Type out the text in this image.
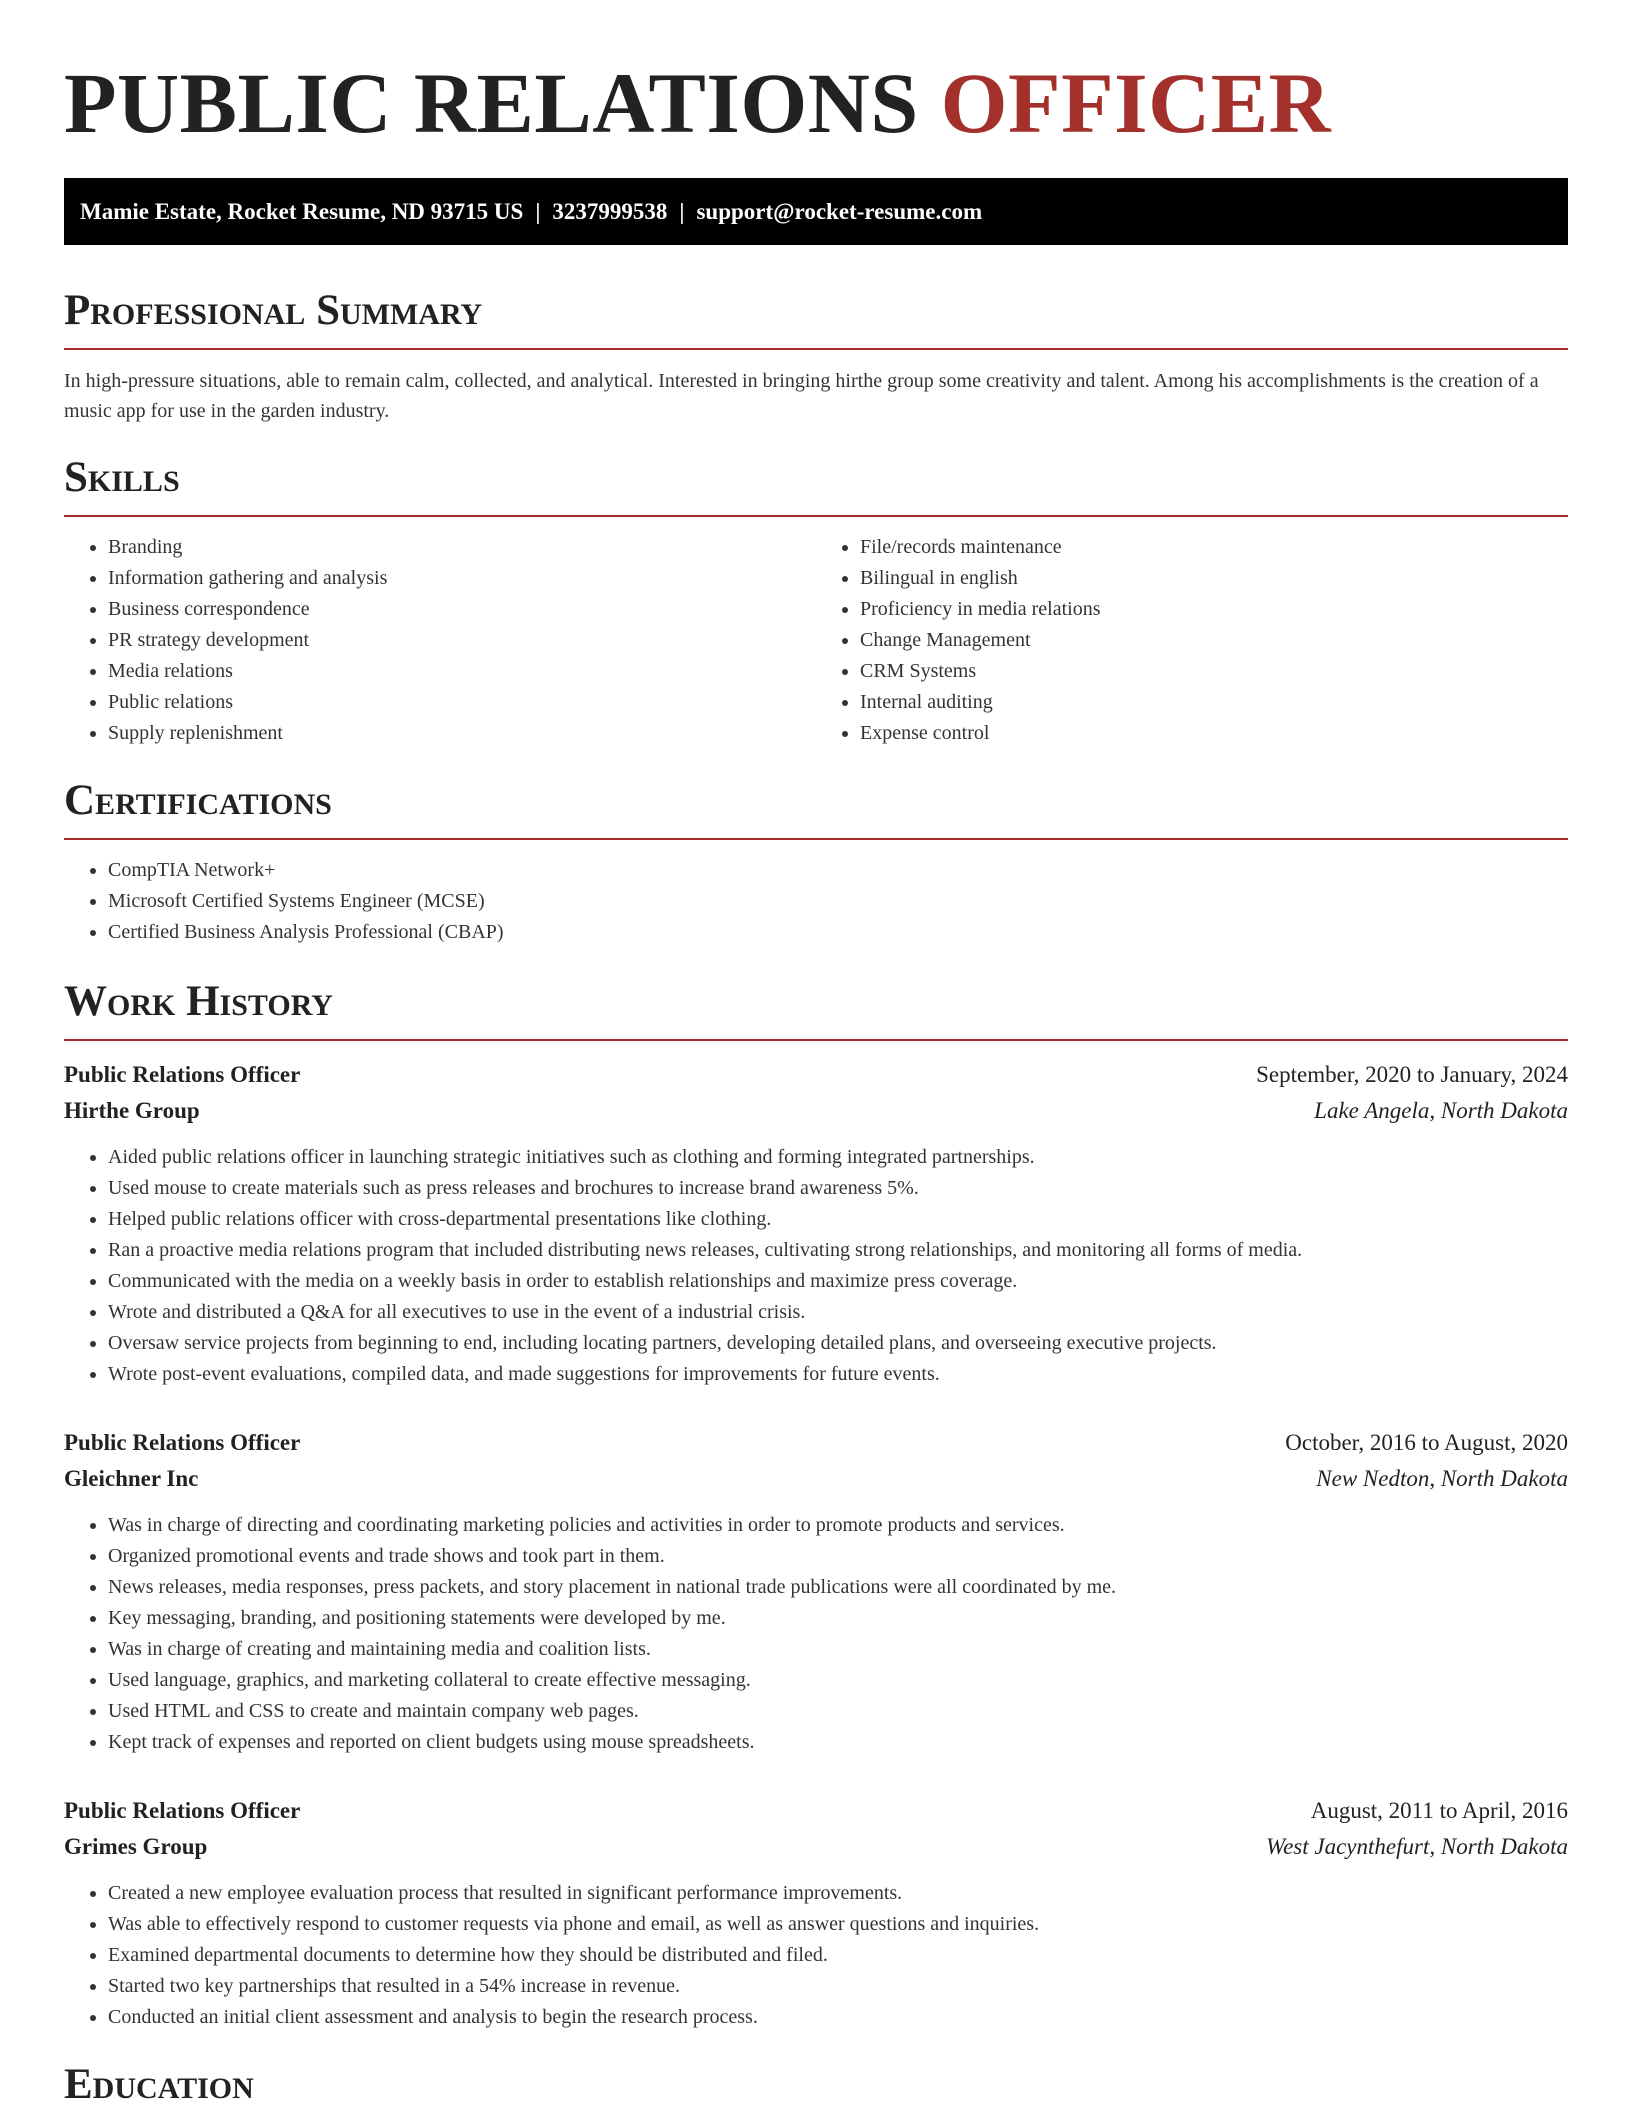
PUBLIC RELATIONS OFFICER
Mamie Estate, Rocket Resume, ND 93715 US | 3237999538 | support@rocket-resume.com
Professional Summary

In high-pressure situations, able to remain calm, collected, and analytical. Interested in bringing hirthe group some creativity and talent. Among his accomplishments is the creation of a music app for use in the garden industry.

Skills
• Branding
• Information gathering and analysis
• Business correspondence
• PR strategy development
• Media relations
• Public relations
• Supply replenishment
• File/records maintenance
• Bilingual in english
• Proficiency in media relations
• Change Management
• CRM Systems
• Internal auditing
• Expense control
Certifications
• CompTIA Network+
• Microsoft Certified Systems Engineer (MCSE)
• Certified Business Analysis Professional (CBAP)
Work History
Public Relations Officer	September, 2020 to January, 2024
Hirthe Group	Lake Angela, North Dakota
• Aided public relations officer in launching strategic initiatives such as clothing and forming integrated partnerships.
• Used mouse to create materials such as press releases and brochures to increase brand awareness 5%.
• Helped public relations officer with cross-departmental presentations like clothing.
• Ran a proactive media relations program that included distributing news releases, cultivating strong relationships, and monitoring all forms of media.
• Communicated with the media on a weekly basis in order to establish relationships and maximize press coverage.
• Wrote and distributed a Q&A for all executives to use in the event of a industrial crisis.
• Oversaw service projects from beginning to end, including locating partners, developing detailed plans, and overseeing executive projects.
• Wrote post-event evaluations, compiled data, and made suggestions for improvements for future events.
Public Relations Officer	October, 2016 to August, 2020
Gleichner Inc	New Nedton, North Dakota
• Was in charge of directing and coordinating marketing policies and activities in order to promote products and services.
• Organized promotional events and trade shows and took part in them.
• News releases, media responses, press packets, and story placement in national trade publications were all coordinated by me.
• Key messaging, branding, and positioning statements were developed by me.
• Was in charge of creating and maintaining media and coalition lists.
• Used language, graphics, and marketing collateral to create effective messaging.
• Used HTML and CSS to create and maintain company web pages.
• Kept track of expenses and reported on client budgets using mouse spreadsheets.
Public Relations Officer	August, 2011 to April, 2016
Grimes Group	West Jacynthefurt, North Dakota
• Created a new employee evaluation process that resulted in significant performance improvements.
• Was able to effectively respond to customer requests via phone and email, as well as answer questions and inquiries.
• Examined departmental documents to determine how they should be distributed and filed.
• Started two key partnerships that resulted in a 54% increase in revenue.
• Conducted an initial client assessment and analysis to begin the research process.
Education
